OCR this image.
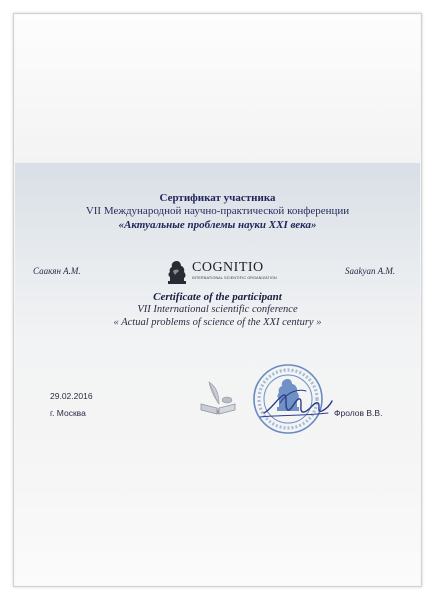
Сертификат участника
VII Международной научно-практической конференции
«Актуальные проблемы науки XXI века»
Саакян А.М.	Saakyan A.M.
COGNITIO
INTERNATIONAL SCIENTIFIC ORGANIZATION
Certificate of the participant
VII International scientific conference
« Actual problems of science of the XXI century »
29.02.2016
г. Москва	Фролов В.В.
